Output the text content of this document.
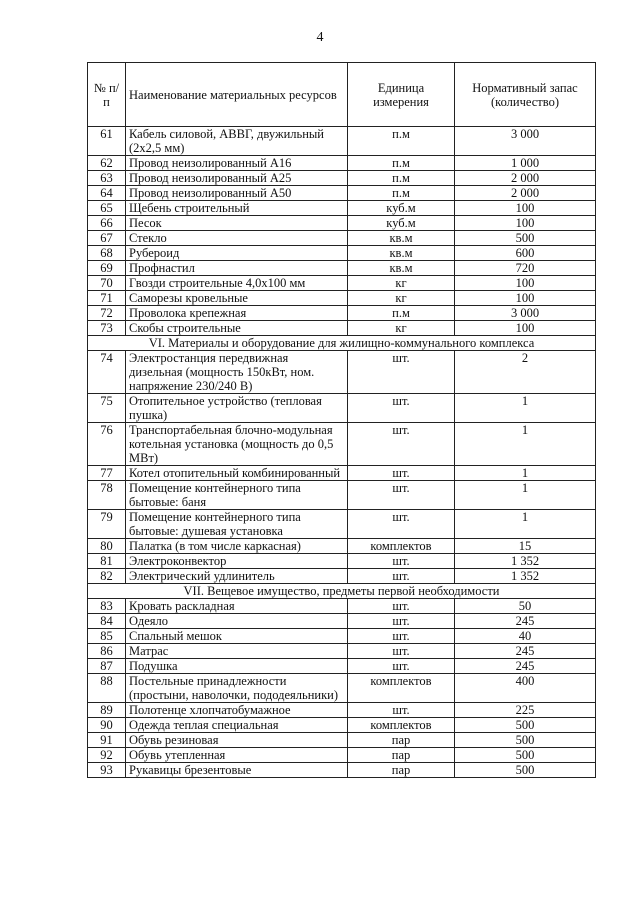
4
№ п/п	Наименование материальных ресурсов	Единица измерения	Нормативный запас (количество)
61	Кабель силовой, АВВГ, двужильный (2х2,5 мм)	п.м	3 000
62	Провод неизолированный А16	п.м	1 000
63	Провод неизолированный А25	п.м	2 000
64	Провод неизолированный А50	п.м	2 000
65	Щебень строительный	куб.м	100
66	Песок	куб.м	100
67	Стекло	кв.м	500
68	Рубероид	кв.м	600
69	Профнастил	кв.м	720
70	Гвозди строительные 4,0х100 мм	кг	100
71	Саморезы кровельные	кг	100
72	Проволока крепежная	п.м	3 000
73	Скобы строительные	кг	100
VI. Материалы и оборудование для жилищно-коммунального комплекса			
74	Электростанция передвижная дизельная (мощность 150кВт, ном. напряжение 230/240 В)	шт.	2
75	Отопительное устройство (тепловая пушка)	шт.	1
76	Транспортабельная блочно-модульная котельная установка (мощность до 0,5 МВт)	шт.	1
77	Котел отопительный комбинированный	шт.	1
78	Помещение контейнерного типа бытовые: баня	шт.	1
79	Помещение контейнерного типа бытовые: душевая установка	шт.	1
80	Палатка (в том числе каркасная)	комплектов	15
81	Электроконвектор	шт.	1 352
82	Электрический удлинитель	шт.	1 352
VII. Вещевое имущество, предметы первой необходимости			
83	Кровать раскладная	шт.	50
84	Одеяло	шт.	245
85	Спальный мешок	шт.	40
86	Матрас	шт.	245
87	Подушка	шт.	245
88	Постельные принадлежности (простыни, наволочки, пододеяльники)	комплектов	400
89	Полотенце хлопчатобумажное	шт.	225
90	Одежда теплая специальная	комплектов	500
91	Обувь резиновая	пар	500
92	Обувь утепленная	пар	500
93	Рукавицы брезентовые	пар	500
